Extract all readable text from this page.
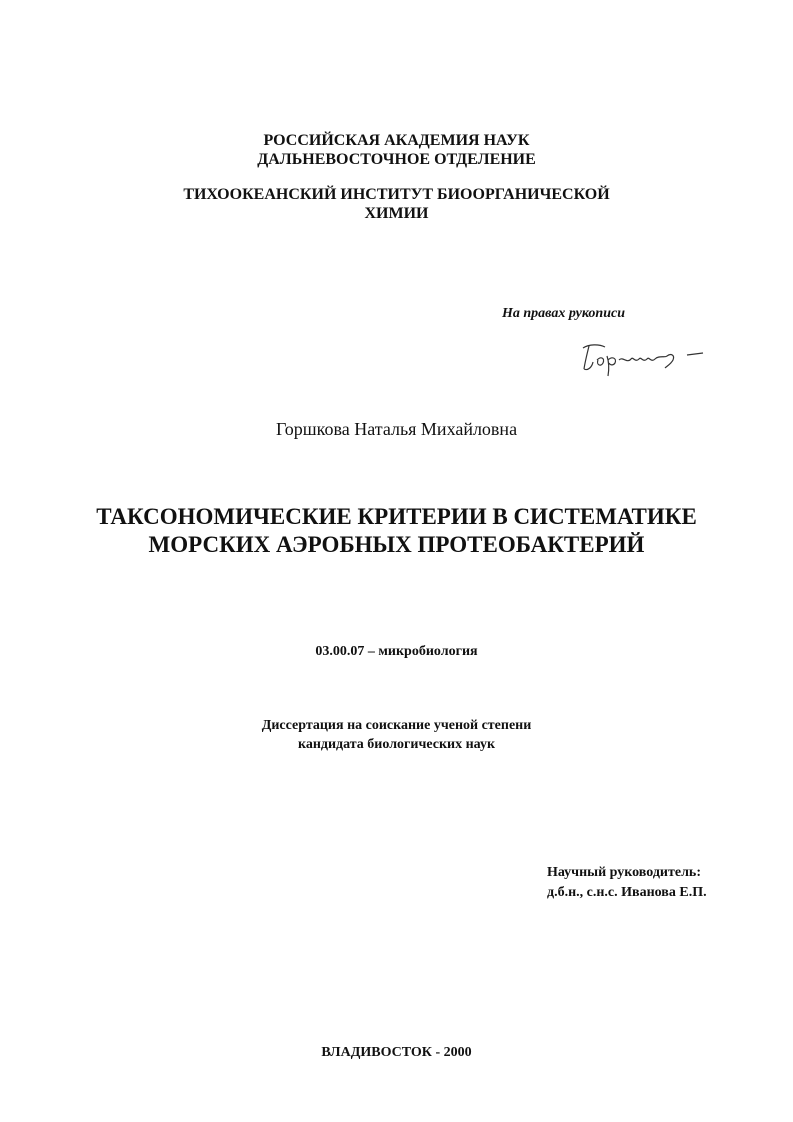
РОССИЙСКАЯ АКАДЕМИЯ НАУК
ДАЛЬНЕВОСТОЧНОЕ ОТДЕЛЕНИЕ
ТИХООКЕАНСКИЙ ИНСТИТУТ БИООРГАНИЧЕСКОЙ
ХИМИИ
На правах рукописи
Горшкова Наталья Михайловна
ТАКСОНОМИЧЕСКИЕ КРИТЕРИИ В СИСТЕМАТИКЕ
МОРСКИХ АЭРОБНЫХ ПРОТЕОБАКТЕРИЙ
03.00.07 – микробиология
Диссертация на соискание ученой степени
кандидата биологических наук
Научный руководитель:
д.б.н., с.н.с. Иванова Е.П.
ВЛАДИВОСТОК - 2000
